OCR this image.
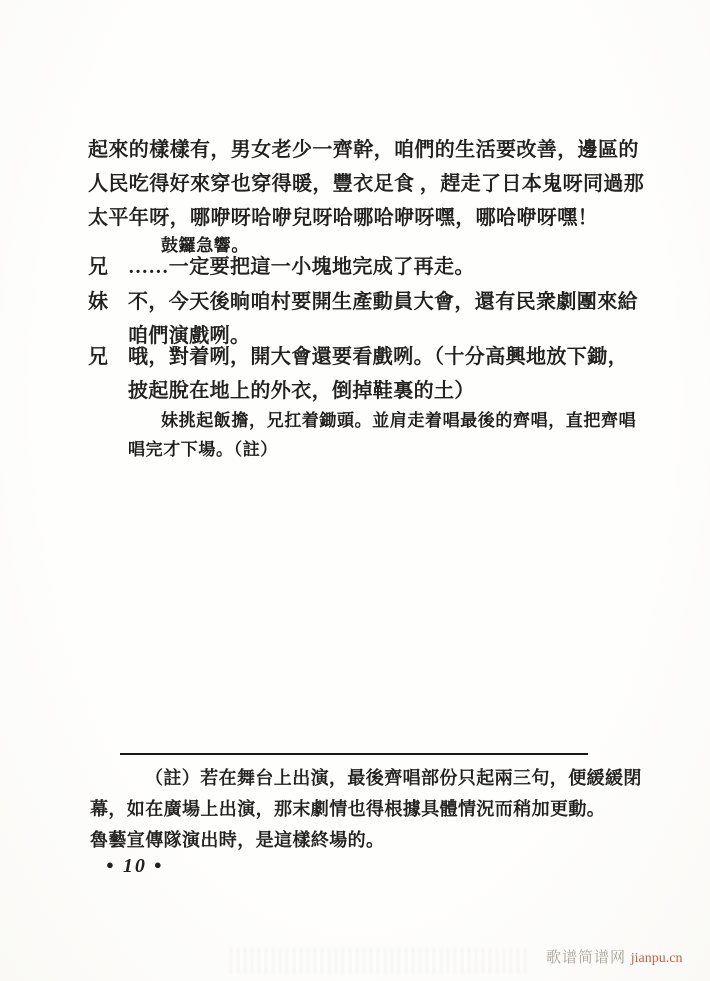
起來的樣樣有，男女老少一齊幹，咱們的生活要改善，邊區的
人民吃得好來穿也穿得暖，豐衣足食 ，趕走了日本鬼呀同過那
太平年呀，哪咿呀哈咿兒呀哈哪哈咿呀嘿，哪哈咿呀嘿！
鼓鑼急響。
兄 ……一定要把這一小塊地完成了再走。
妹 不，今天後晌咱村要開生產動員大會，還有民衆劇團來給
咱們演戲咧。
兄 哦，對着咧，開大會還要看戲咧。（十分高興地放下鋤，
披起脫在地上的外衣，倒掉鞋裏的土）
妹挑起飯擔，兄扛着鋤頭。並肩走着唱最後的齊唱，直把齊唱
唱完才下場。（註）
（註）若在舞台上出演，最後齊唱部份只起兩三句，便緩緩閉
幕，如在廣場上出演，那末劇情也得根據具體情況而稍加更動。
魯藝宣傳隊演出時，是這樣終場的。
● 10 ●
歌谱简谱网 jianpu.cn
